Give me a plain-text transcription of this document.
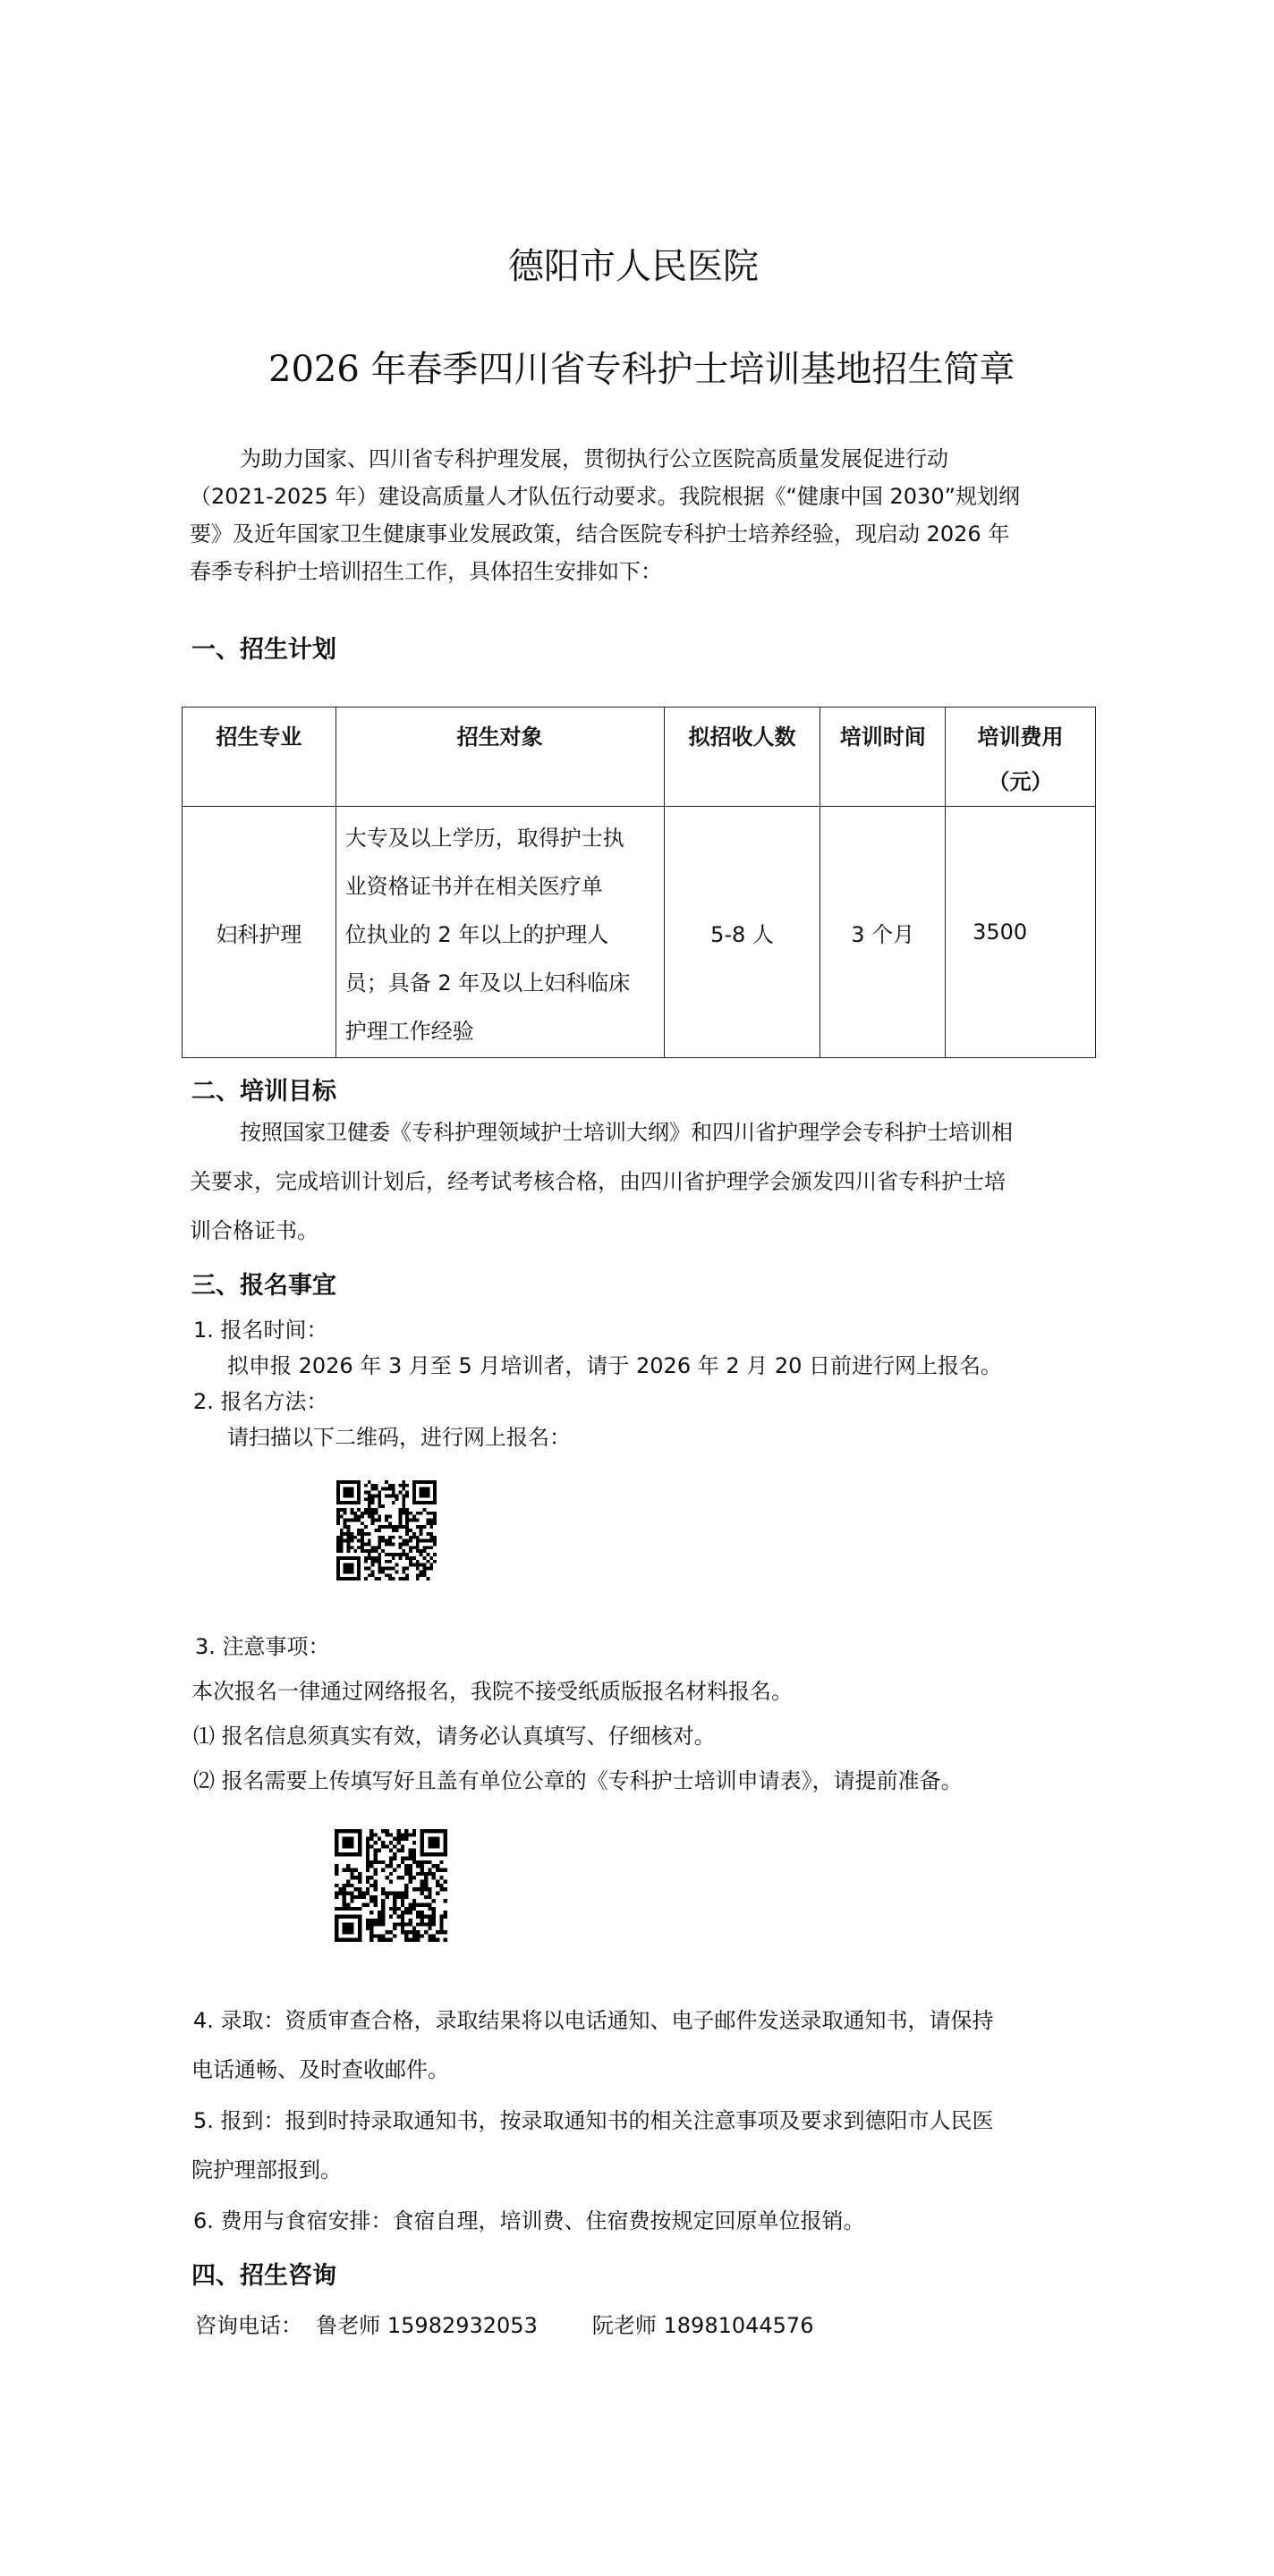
德阳市人民医院
2026 年春季四川省专科护士培训基地招生简章
为助力国家、四川省专科护理发展，贯彻执行公立医院高质量发展促进行动
（2021-2025 年）建设高质量人才队伍行动要求。我院根据《“健康中国 2030”规划纲
要》及近年国家卫生健康事业发展政策，结合医院专科护士培养经验，现启动 2026 年
春季专科护士培训招生工作，具体招生安排如下：
一、招生计划
招生专业	招生对象	拟招收人数	培训时间	培训费用
（元）

妇科护理	大专及以上学历，取得护士执
业资格证书并在相关医疗单
位执业的 2 年以上的护理人
员；具备 2 年及以上妇科临床
护理工作经验	5-8 人	3 个月	3500
二、培训目标
按照国家卫健委《专科护理领域护士培训大纲》和四川省护理学会专科护士培训相
关要求，完成培训计划后，经考试考核合格，由四川省护理学会颁发四川省专科护士培
训合格证书。
三、报名事宜
1. 报名时间：
拟申报 2026 年 3 月至 5 月培训者，请于 2026 年 2 月 20 日前进行网上报名。
2. 报名方法：
请扫描以下二维码，进行网上报名：
3. 注意事项：
本次报名一律通过网络报名，我院不接受纸质版报名材料报名。
⑴ 报名信息须真实有效，请务必认真填写、仔细核对。
⑵ 报名需要上传填写好且盖有单位公章的《专科护士培训申请表》，请提前准备。
4. 录取：资质审查合格，录取结果将以电话通知、电子邮件发送录取通知书，请保持
电话通畅、及时查收邮件。
5. 报到：报到时持录取通知书，按录取通知书的相关注意事项及要求到德阳市人民医
院护理部报到。
6. 费用与食宿安排：食宿自理，培训费、住宿费按规定回原单位报销。
四、招生咨询
咨询电话：  鲁老师 15982932053        阮老师 18981044576
